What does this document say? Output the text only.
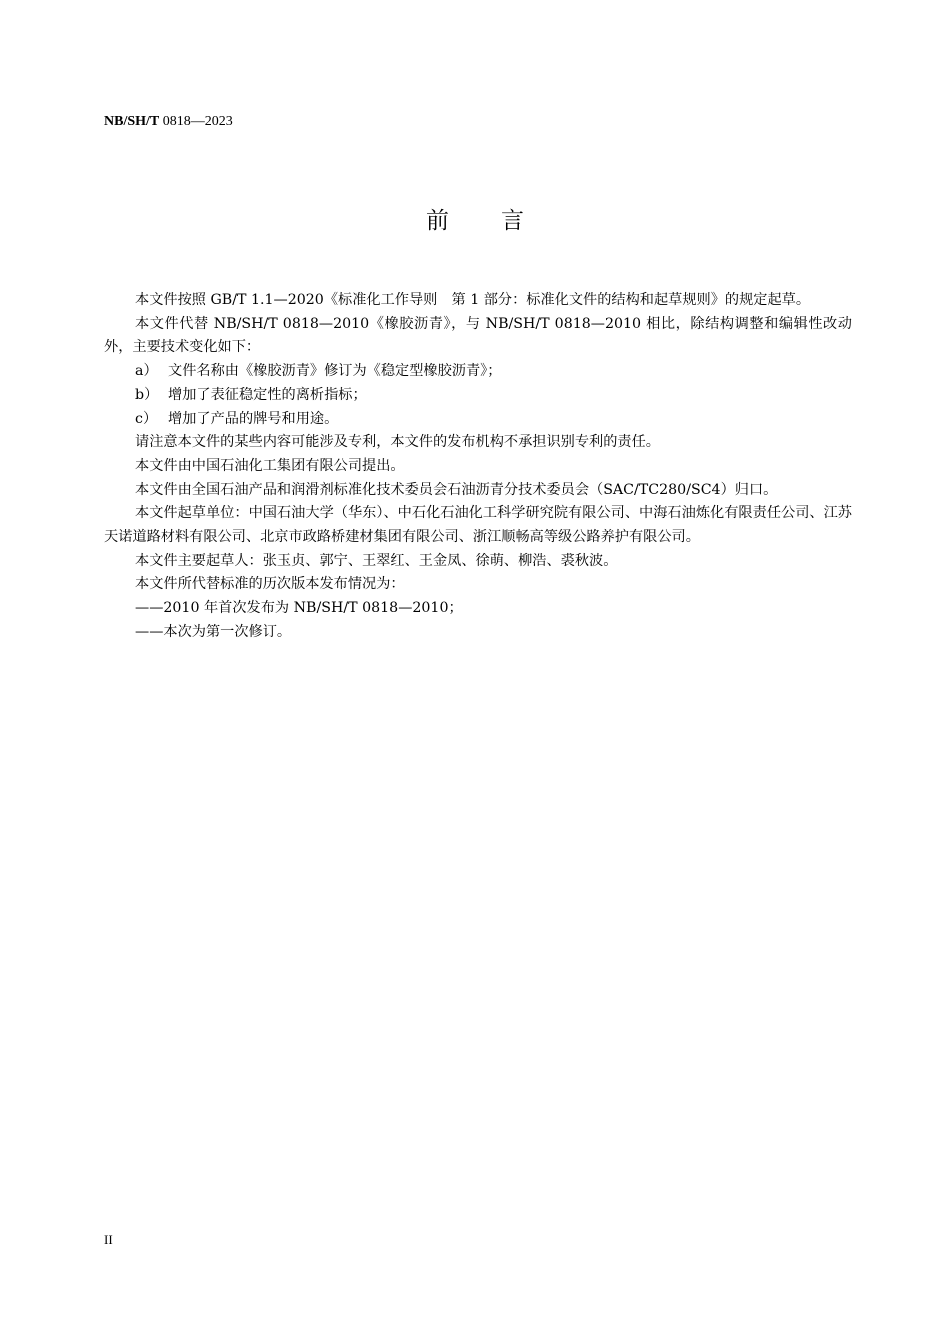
NB/SH/T 0818—2023
前言

本文件按照 GB/T 1.1—2020《标准化工作导则　第 1 部分：标准化文件的结构和起草规则》的规定起草。

本文件代替 NB/SH/T 0818—2010《橡胶沥青》，与 NB/SH/T 0818—2010 相比，除结构调整和编辑性改动外，主要技术变化如下：

a） 文件名称由《橡胶沥青》修订为《稳定型橡胶沥青》；

b） 增加了表征稳定性的离析指标；

c） 增加了产品的牌号和用途。

请注意本文件的某些内容可能涉及专利，本文件的发布机构不承担识别专利的责任。

本文件由中国石油化工集团有限公司提出。

本文件由全国石油产品和润滑剂标准化技术委员会石油沥青分技术委员会（SAC/TC280/SC4）归口。

本文件起草单位：中国石油大学（华东）、中石化石油化工科学研究院有限公司、中海石油炼化有限责任公司、江苏天诺道路材料有限公司、北京市政路桥建材集团有限公司、浙江顺畅高等级公路养护有限公司。

本文件主要起草人：张玉贞、郭宁、王翠红、王金凤、徐萌、柳浩、裘秋波。

本文件所代替标准的历次版本发布情况为：

——2010 年首次发布为 NB/SH/T 0818—2010；

——本次为第一次修订。

II
